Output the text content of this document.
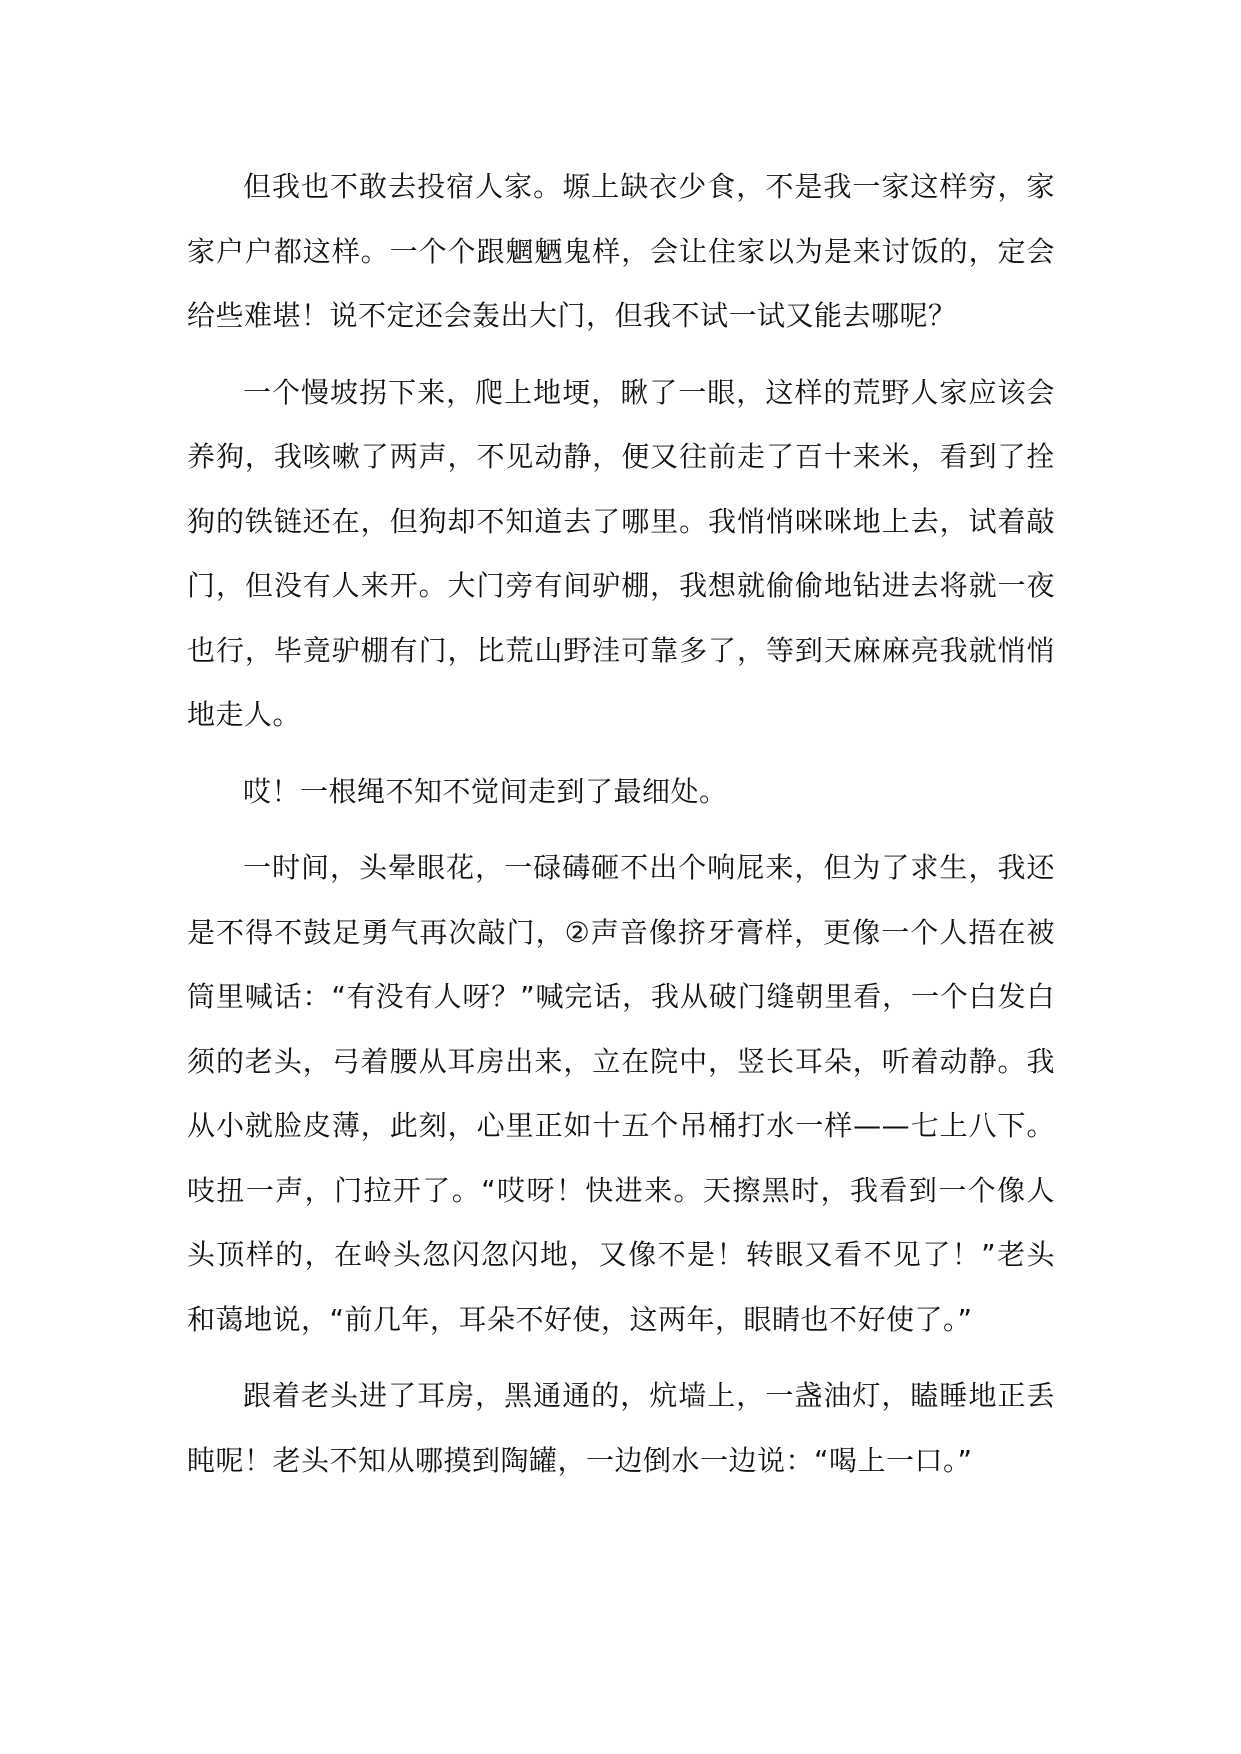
但我也不敢去投宿人家。塬上缺衣少食，不是我一家这样穷，家家户户都这样。一个个跟魍魉鬼样，会让住家以为是来讨饭的，定会给些难堪！说不定还会轰出大门，但我不试一试又能去哪呢？

一个慢坡拐下来，爬上地埂，瞅了一眼，这样的荒野人家应该会养狗，我咳嗽了两声，不见动静，便又往前走了百十来米，看到了拴狗的铁链还在，但狗却不知道去了哪里。我悄悄咪咪地上去，试着敲门，但没有人来开。大门旁有间驴棚，我想就偷偷地钻进去将就一夜也行，毕竟驴棚有门，比荒山野洼可靠多了，等到天麻麻亮我就悄悄地走人。

哎！一根绳不知不觉间走到了最细处。

一时间，头晕眼花，一碌碡砸不出个响屁来，但为了求生，我还是不得不鼓足勇气再次敲门，②声音像挤牙膏样，更像一个人捂在被筒里喊话：“有没有人呀？”喊完话，我从破门缝朝里看，一个白发白须的老头，弓着腰从耳房出来，立在院中，竖长耳朵，听着动静。我从小就脸皮薄，此刻，心里正如十五个吊桶打水一样——七上八下。吱扭一声，门拉开了。“哎呀！快进来。天擦黑时，我看到一个像人头顶样的，在岭头忽闪忽闪地，又像不是！转眼又看不见了！”老头和蔼地说，“前几年，耳朵不好使，这两年，眼睛也不好使了。”

跟着老头进了耳房，黑通通的，炕墙上，一盏油灯，瞌睡地正丢盹呢！老头不知从哪摸到陶罐，一边倒水一边说：“喝上一口。”
